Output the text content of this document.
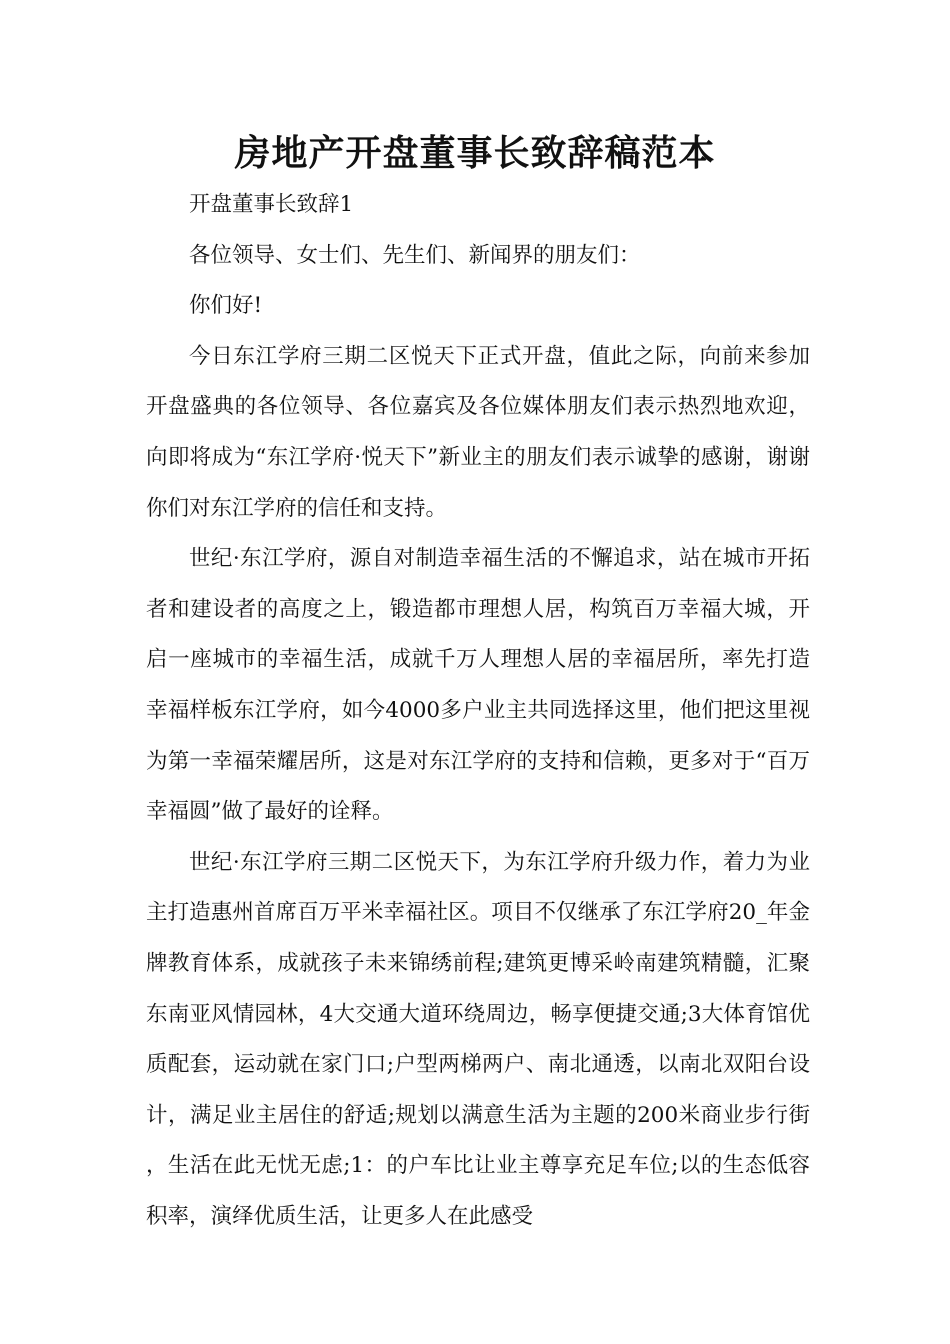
房地产开盘董事长致辞稿范本

开盘董事长致辞1

各位领导、女士们、先生们、新闻界的朋友们：

你们好!

今日东江学府三期二区悦天下正式开盘，值此之际，向前来参加开盘盛典的各位领导、各位嘉宾及各位媒体朋友们表示热烈地欢迎，向即将成为“东江学府·悦天下”新业主的朋友们表示诚挚的感谢，谢谢你们对东江学府的信任和支持。

世纪·东江学府，源自对制造幸福生活的不懈追求，站在城市开拓者和建设者的高度之上，锻造都市理想人居，构筑百万幸福大城，开启一座城市的幸福生活，成就千万人理想人居的幸福居所，率先打造幸福样板东江学府，如今4000多户业主共同选择这里，他们把这里视为第一幸福荣耀居所，这是对东江学府的支持和信赖，更多对于“百万幸福圆”做了最好的诠释。

世纪·东江学府三期二区悦天下，为东江学府升级力作，着力为业主打造惠州首席百万平米幸福社区。项目不仅继承了东江学府20_年金牌教育体系，成就孩子未来锦绣前程;建筑更博采岭南建筑精髓，汇聚东南亚风情园林，4大交通大道环绕周边，畅享便捷交通;3大体育馆优质配套，运动就在家门口;户型两梯两户、南北通透，以南北双阳台设计，满足业主居住的舒适;规划以满意生活为主题的200米商业步行街 ，生活在此无忧无虑;1：的户车比让业主尊享充足车位;以的生态低容积率，演绎优质生活，让更多人在此感受
